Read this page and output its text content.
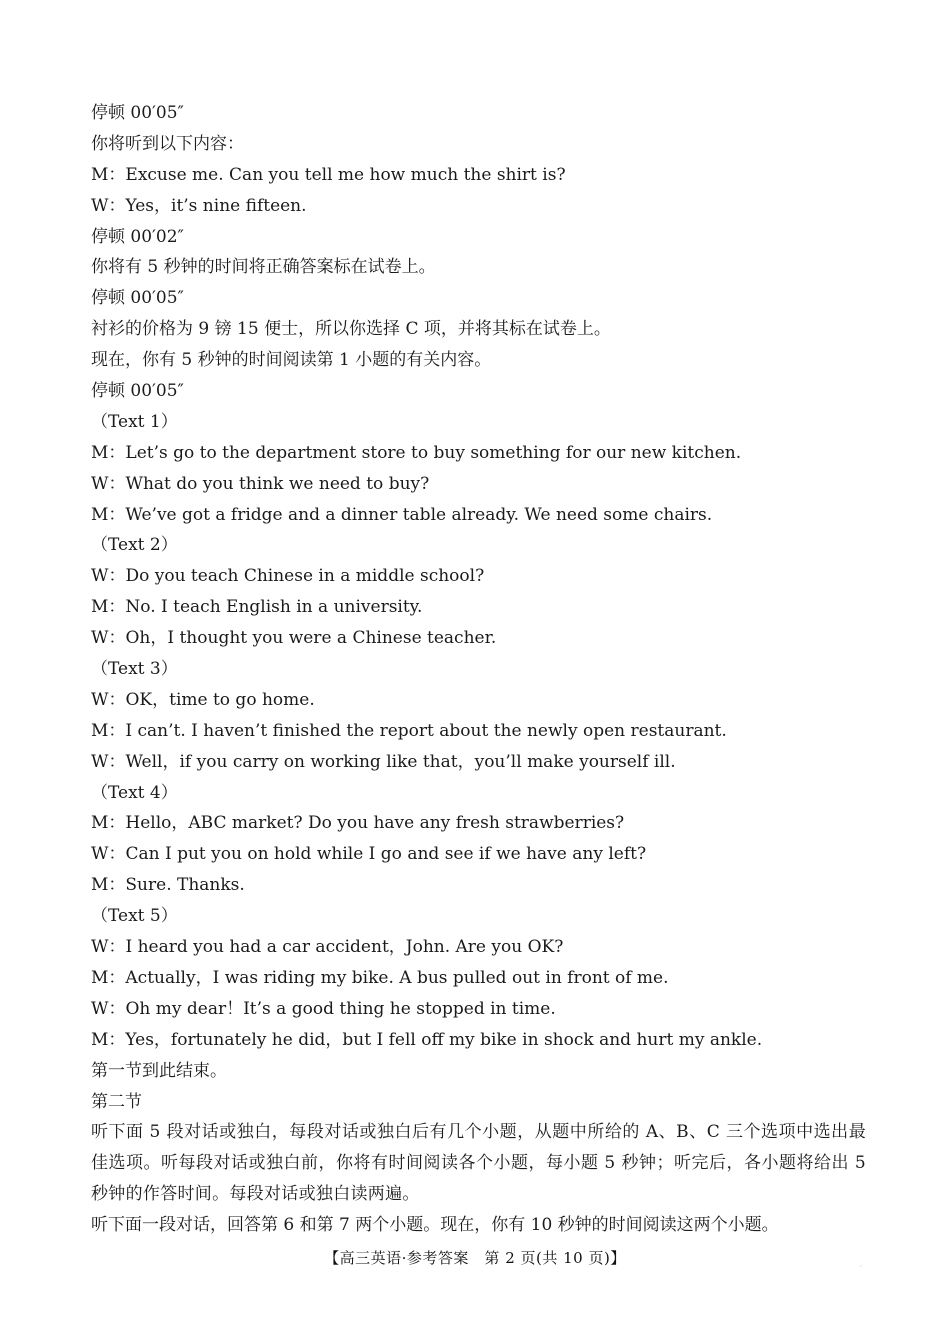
停顿 00′05″
你将听到以下内容：
M：Excuse me. Can you tell me how much the shirt is?
W：Yes，it’s nine fifteen.
停顿 00′02″
你将有 5 秒钟的时间将正确答案标在试卷上。
停顿 00′05″
衬衫的价格为 9 镑 15 便士，所以你选择 C 项，并将其标在试卷上。
现在，你有 5 秒钟的时间阅读第 1 小题的有关内容。
停顿 00′05″
（Text 1）
M：Let’s go to the department store to buy something for our new kitchen.
W：What do you think we need to buy?
M：We’ve got a fridge and a dinner table already. We need some chairs.
（Text 2）
W：Do you teach Chinese in a middle school?
M：No. I teach English in a university.
W：Oh，I thought you were a Chinese teacher.
（Text 3）
W：OK，time to go home.
M：I can’t. I haven’t finished the report about the newly open restaurant.
W：Well，if you carry on working like that，you’ll make yourself ill.
（Text 4）
M：Hello，ABC market? Do you have any fresh strawberries?
W：Can I put you on hold while I go and see if we have any left?
M：Sure. Thanks.
（Text 5）
W：I heard you had a car accident，John. Are you OK?
M：Actually，I was riding my bike. A bus pulled out in front of me.
W：Oh my dear！It’s a good thing he stopped in time.
M：Yes，fortunately he did，but I fell off my bike in shock and hurt my ankle.
第一节到此结束。
第二节
听下面 5 段对话或独白，每段对话或独白后有几个小题，从题中所给的 A、B、C 三个选项中选出最佳选项。听每段对话或独白前，你将有时间阅读各个小题，每小题 5 秒钟；听完后，各小题将给出 5 秒钟的作答时间。每段对话或独白读两遍。
听下面一段对话，回答第 6 和第 7 两个小题。现在，你有 10 秒钟的时间阅读这两个小题。
【高三英语·参考答案　第 2 页(共 10 页)】	·
